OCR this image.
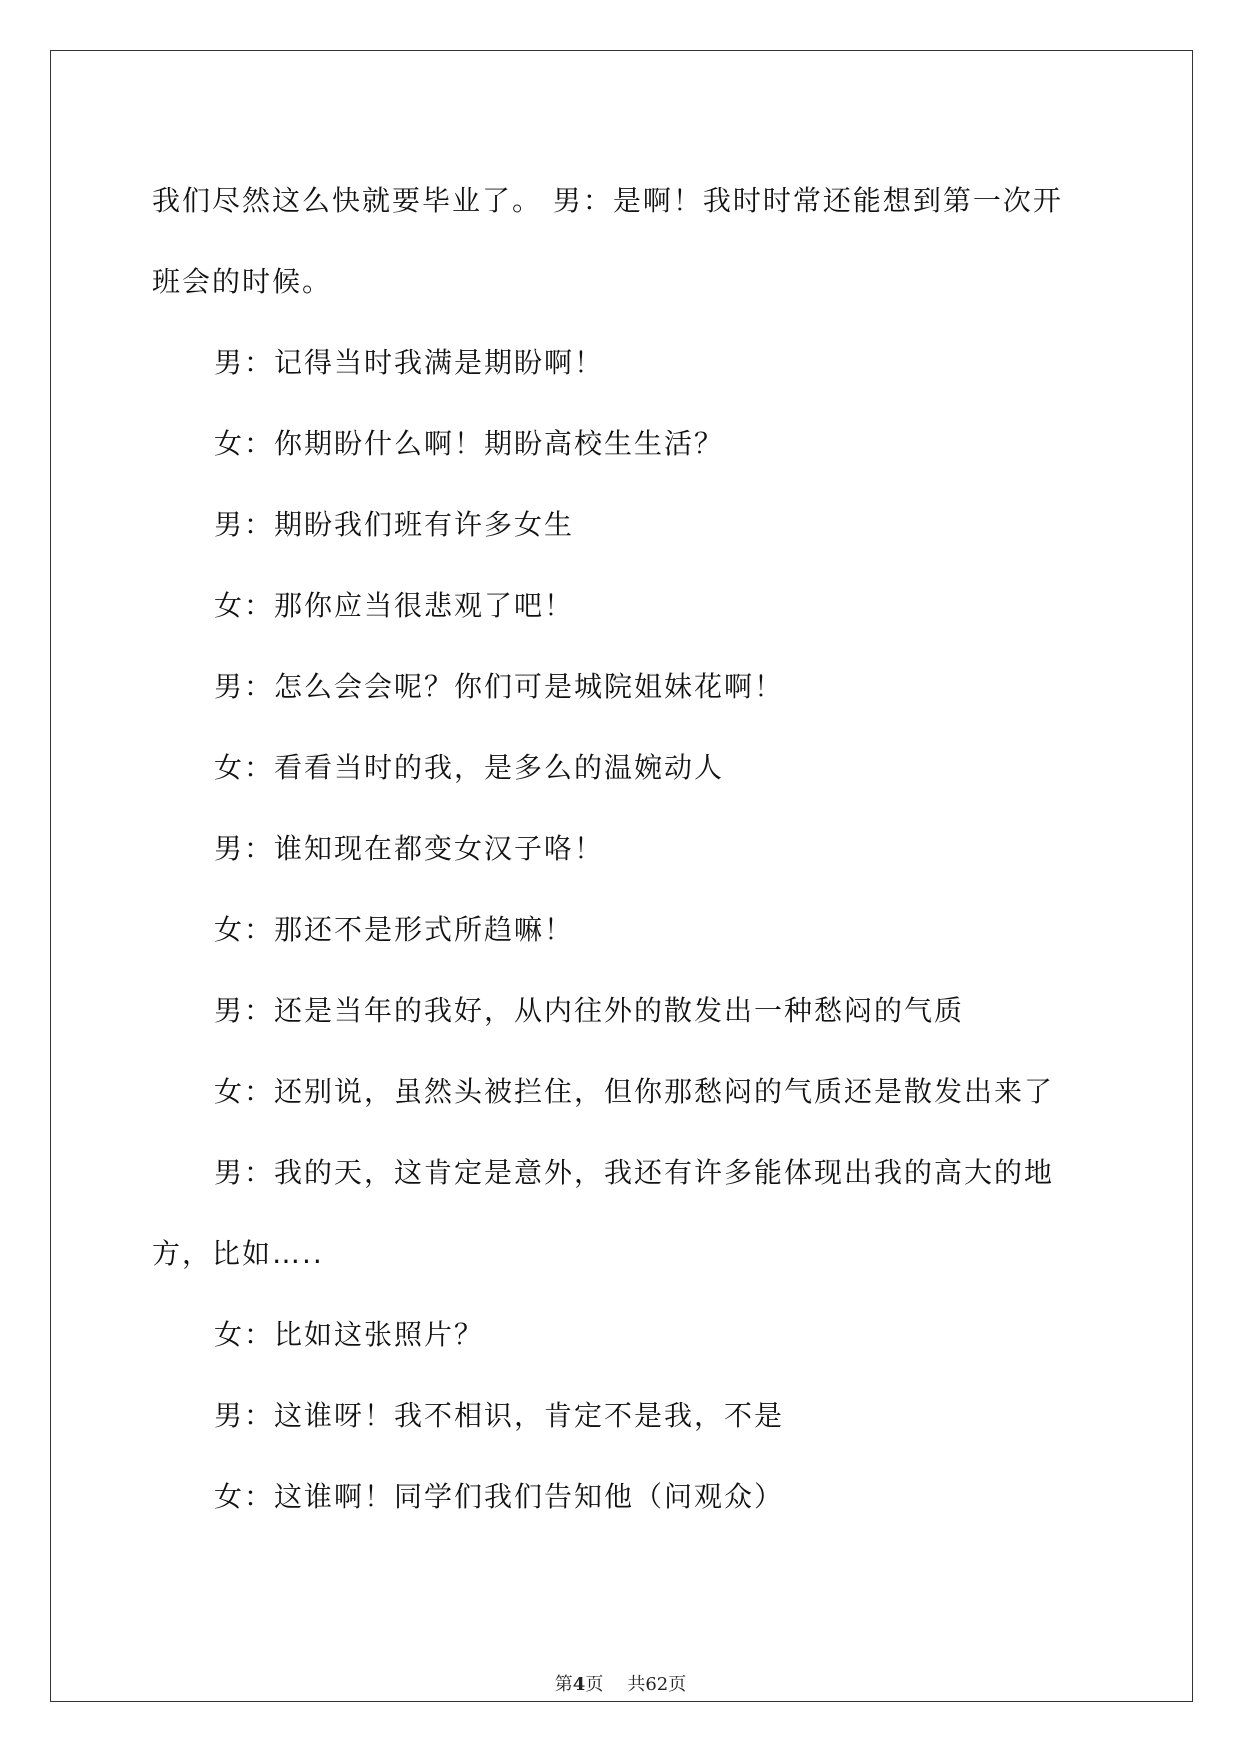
我们尽然这么快就要毕业了。 男：是啊！我时时常还能想到第一次开
班会的时候。
男：记得当时我满是期盼啊！
女：你期盼什么啊！期盼高校生生活？
男：期盼我们班有许多女生
女：那你应当很悲观了吧！
男：怎么会会呢？你们可是城院姐妹花啊！
女：看看当时的我，是多么的温婉动人
男：谁知现在都变女汉子咯！
女：那还不是形式所趋嘛！
男：还是当年的我好，从内往外的散发出一种愁闷的气质
女：还别说，虽然头被拦住，但你那愁闷的气质还是散发出来了
男：我的天，这肯定是意外，我还有许多能体现出我的高大的地
方，比如…..
女：比如这张照片？
男：这谁呀！我不相识，肯定不是我，不是
女：这谁啊！同学们我们告知他（问观众）
第4页 共62页
